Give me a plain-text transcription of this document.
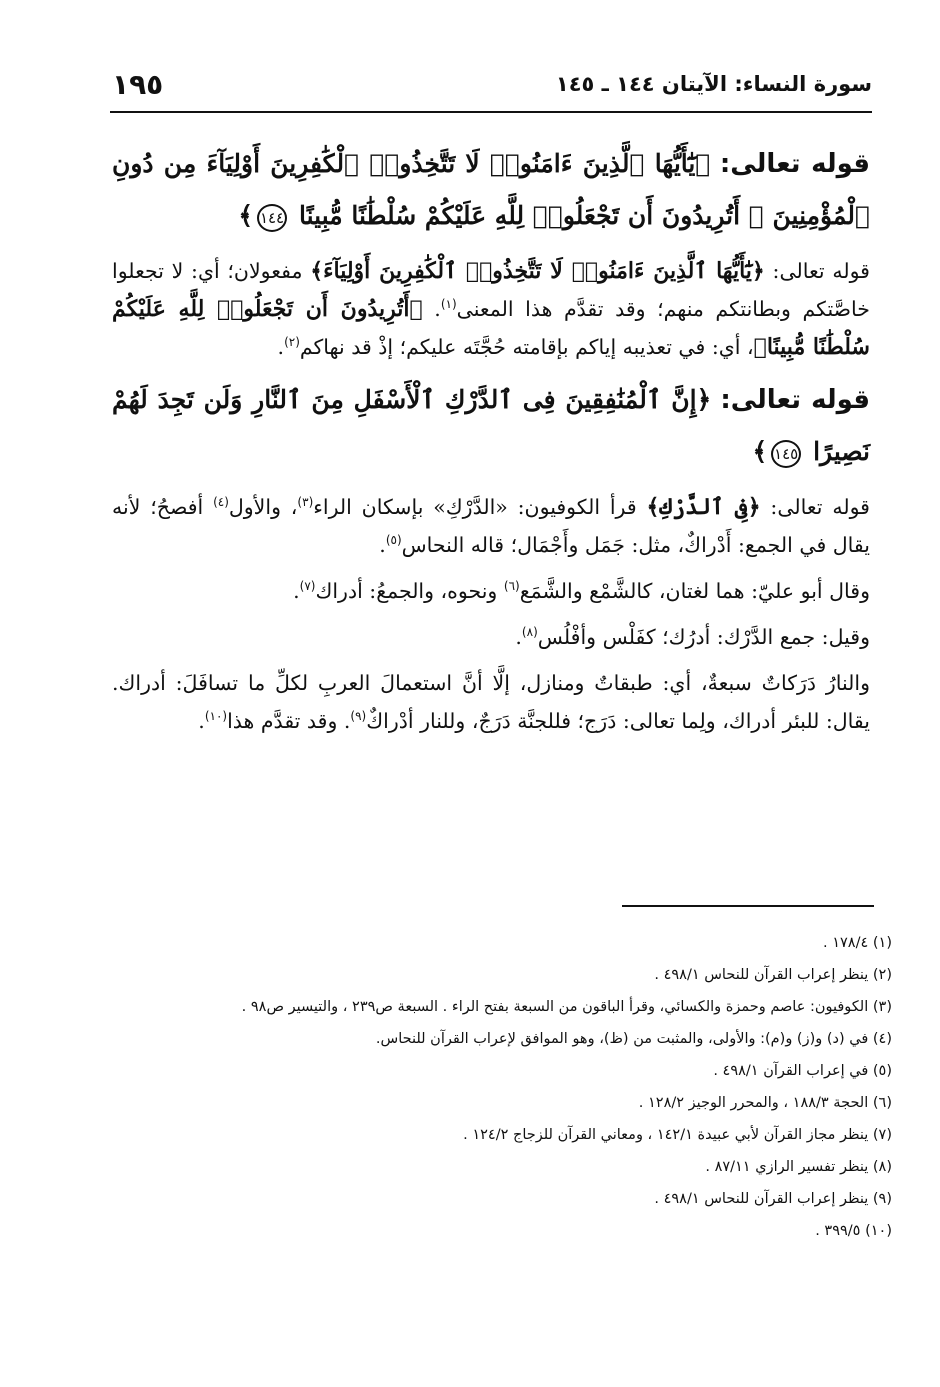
سورة النساء: الآيتان ١٤٤ ـ ١٤٥
١٩٥

قوله تعالى: ﴿يَٰٓأَيُّهَا ٱلَّذِينَ ءَامَنُوا۟ لَا تَتَّخِذُوا۟ ٱلْكَٰفِرِينَ أَوْلِيَآءَ مِن دُونِ ٱلْمُؤْمِنِينَ ۚ أَتُرِيدُونَ أَن تَجْعَلُوا۟ لِلَّهِ عَلَيْكُمْ سُلْطَٰنًا مُّبِينًا ١٤٤﴾

قوله تعالى: ﴿يَٰٓأَيُّهَا ٱلَّذِينَ ءَامَنُوا۟ لَا تَتَّخِذُوا۟ ٱلْكَٰفِرِينَ أَوْلِيَآءَ﴾ مفعولان؛ أي: لا تجعلوا خاصَّتكم وبطانتكم منهم؛ وقد تقدَّم هذا المعنى$^{(١)}$. ﴿أَتُرِيدُونَ أَن تَجْعَلُوا۟ لِلَّهِ عَلَيْكُمْ سُلْطَٰنًا مُّبِينًا﴾، أي: في تعذيبه إياكم بإقامته حُجَّتَه عليكم؛ إذْ قد نهاكم$^{(٢)}$.

قوله تعالى: ﴿إِنَّ ٱلْمُنَٰفِقِينَ فِى ٱلدَّرْكِ ٱلْأَسْفَلِ مِنَ ٱلنَّارِ وَلَن تَجِدَ لَهُمْ نَصِيرًا ١٤٥﴾

قوله تعالى: ﴿فِى ٱلدَّرْكِ﴾ قرأ الكوفيون: «الدَّرْكِ» بإسكان الراء$^{(٣)}$، والأول$^{(٤)}$ أفصحُ؛ لأنه يقال في الجمع: أَدْراكٌ، مثل: جَمَل وأَجْمَال؛ قاله النحاس$^{(٥)}$.

وقال أبو عليّ: هما لغتان، كالشَّمْع والشَّمَع$^{(٦)}$ ونحوه، والجمعُ: أدراك$^{(٧)}$.

وقيل: جمع الدَّرْك: أدرُك؛ كفَلْس وأفْلُس$^{(٨)}$.

والنارُ دَرَكاتٌ سبعةٌ، أي: طبقاتٌ ومنازل، إلَّا أنَّ استعمالَ العربِ لكلِّ ما تسافَلَ: أدراك. يقال: للبئر أدراك، ولِما تعالى: دَرَج؛ فللجنَّة دَرَجٌ، وللنار أدْراكٌ$^{(٩)}$. وقد تقدَّم هذا$^{(١٠)}$.

(١) ١٧٨/٤ .
(٢) ينظر إعراب القرآن للنحاس ٤٩٨/١ .
(٣) الكوفيون: عاصم وحمزة والكسائي، وقرأ الباقون من السبعة بفتح الراء . السبعة ص٢٣٩ ، والتيسير ص٩٨ .
(٤) في (د) و(ز) و(م): والأولى، والمثبت من (ظ)، وهو الموافق لإعراب القرآن للنحاس.
(٥) في إعراب القرآن ٤٩٨/١ .
(٦) الحجة ١٨٨/٣ ، والمحرر الوجيز ١٢٨/٢ .
(٧) ينظر مجاز القرآن لأبي عبيدة ١٤٢/١ ، ومعاني القرآن للزجاج ١٢٤/٢ .
(٨) ينظر تفسير الرازي ٨٧/١١ .
(٩) ينظر إعراب القرآن للنحاس ٤٩٨/١ .
(١٠) ٣٩٩/٥ .
